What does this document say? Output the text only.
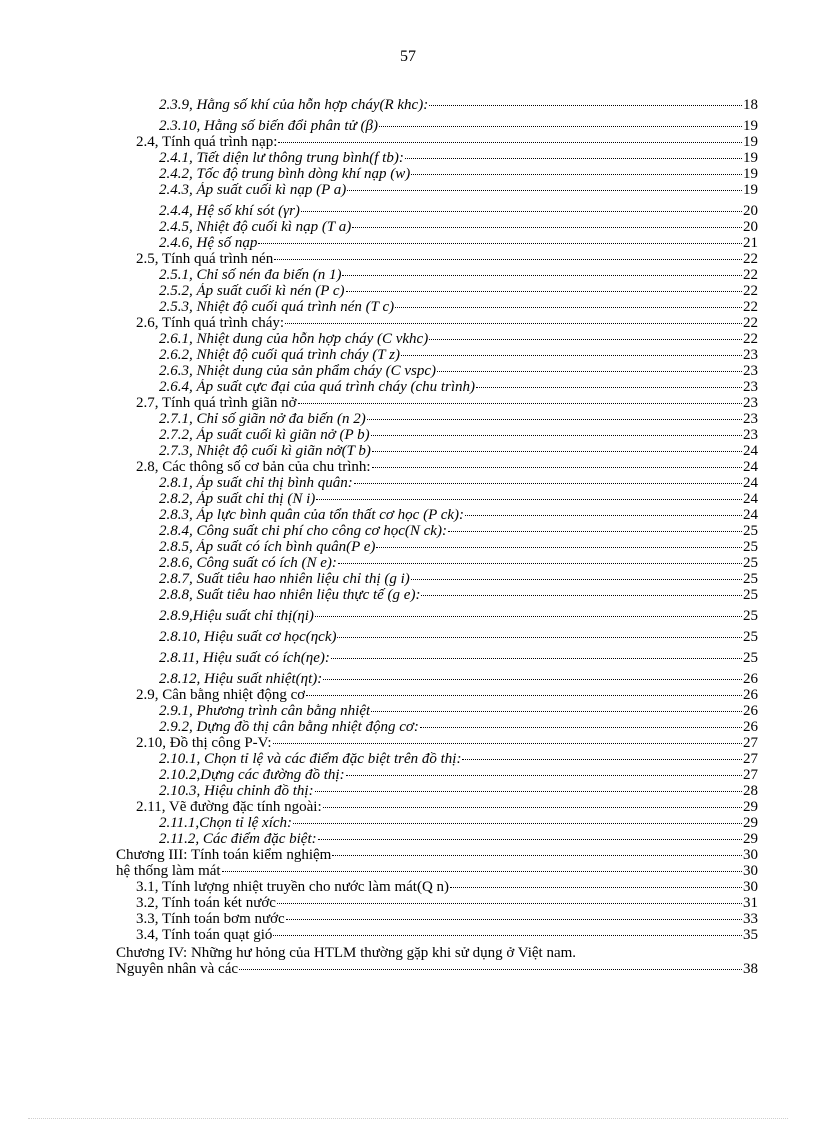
57
2.3.9, Hằng số khí của hỗn hợp cháy(R khc):	18
2.3.10, Hằng số biến đổi phân tử (β)	19
2.4, Tính quá trình nạp:	19
2.4.1, Tiết diện lư thông trung bình(f tb):	19
2.4.2, Tốc độ trung bình dòng khí nạp (w)	19
2.4.3, Áp suất cuối kì nạp (P a)	19
2.4.4, Hệ số khí sót (γr)	20
2.4.5, Nhiệt độ cuối kì nạp (T a)	20
2.4.6, Hệ số nạp	21
2.5, Tính quá trình nén	22
2.5.1, Chỉ số nén đa biến (n 1)	22
2.5.2, Áp suất cuối kì nén (P c)	22
2.5.3, Nhiệt độ cuối quá trình nén (T c)	22
2.6, Tính quá trình cháy:	22
2.6.1, Nhiệt dung của hỗn hợp cháy (C vkhc)	22
2.6.2, Nhiệt độ cuối quá trình cháy (T z)	23
2.6.3, Nhiệt dung của sản phẩm cháy (C vspc)	23
2.6.4, Áp suất cực đại của quá trình cháy (chu trình)	23
2.7, Tính quá trình giãn nở	23
2.7.1, Chỉ số giãn nở đa biến (n 2)	23
2.7.2, Áp suất cuối kì giãn nở (P b)	23
2.7.3, Nhiệt độ cuối kì giãn nở(T b)	24
2.8, Các thông số cơ bản của chu trình:	24
2.8.1, Áp suất chỉ thị bình quân:	24
2.8.2, Áp suất chỉ thị (N i)	24
2.8.3, Áp lực bình quân của tổn thất cơ học (P ck):	24
2.8.4, Công suất chi phí cho công cơ học(N ck):	25
2.8.5, Áp suất có ích bình quân(P e)	25
2.8.6, Công suất có ích (N e):	25
2.8.7, Suất tiêu hao nhiên liệu chỉ thị (g i)	25
2.8.8, Suất tiêu hao nhiên liệu thực tế (g e):	25
2.8.9,Hiệu suất chỉ thị(ηi)	25
2.8.10, Hiệu suất cơ học(ηck)	25
2.8.11, Hiệu suất có ích(ηe):	25
2.8.12, Hiệu suất nhiệt(ηt):	26
2.9, Cân bằng nhiệt động cơ	26
2.9.1, Phương trình cân bằng nhiệt	26
2.9.2, Dựng đồ thị cân bằng nhiệt động cơ:	26
2.10, Đồ thị công P-V:	27
2.10.1, Chọn tỉ lệ và các điểm đặc biệt trên đồ thị:	27
2.10.2,Dựng các đường đồ thị:	27
2.10.3, Hiệu chỉnh đồ thị:	28
2.11, Vẽ đường đặc tính ngoài:	29
2.11.1,Chọn tỉ lệ xích:	29
2.11.2, Các điểm đặc biệt:	29
Chương III: Tính toán kiểm nghiệm	30
hệ thống làm mát	30
3.1, Tính lượng nhiệt truyền cho nước làm mát(Q n)	30
3.2, Tính toán két nước	31
3.3, Tính toán bơm nước	33
3.4, Tính toán quạt gió	35
Chương IV: Những hư hỏng của HTLM thường gặp khi sử dụng ở Việt nam.
Nguyên nhân và các	38
